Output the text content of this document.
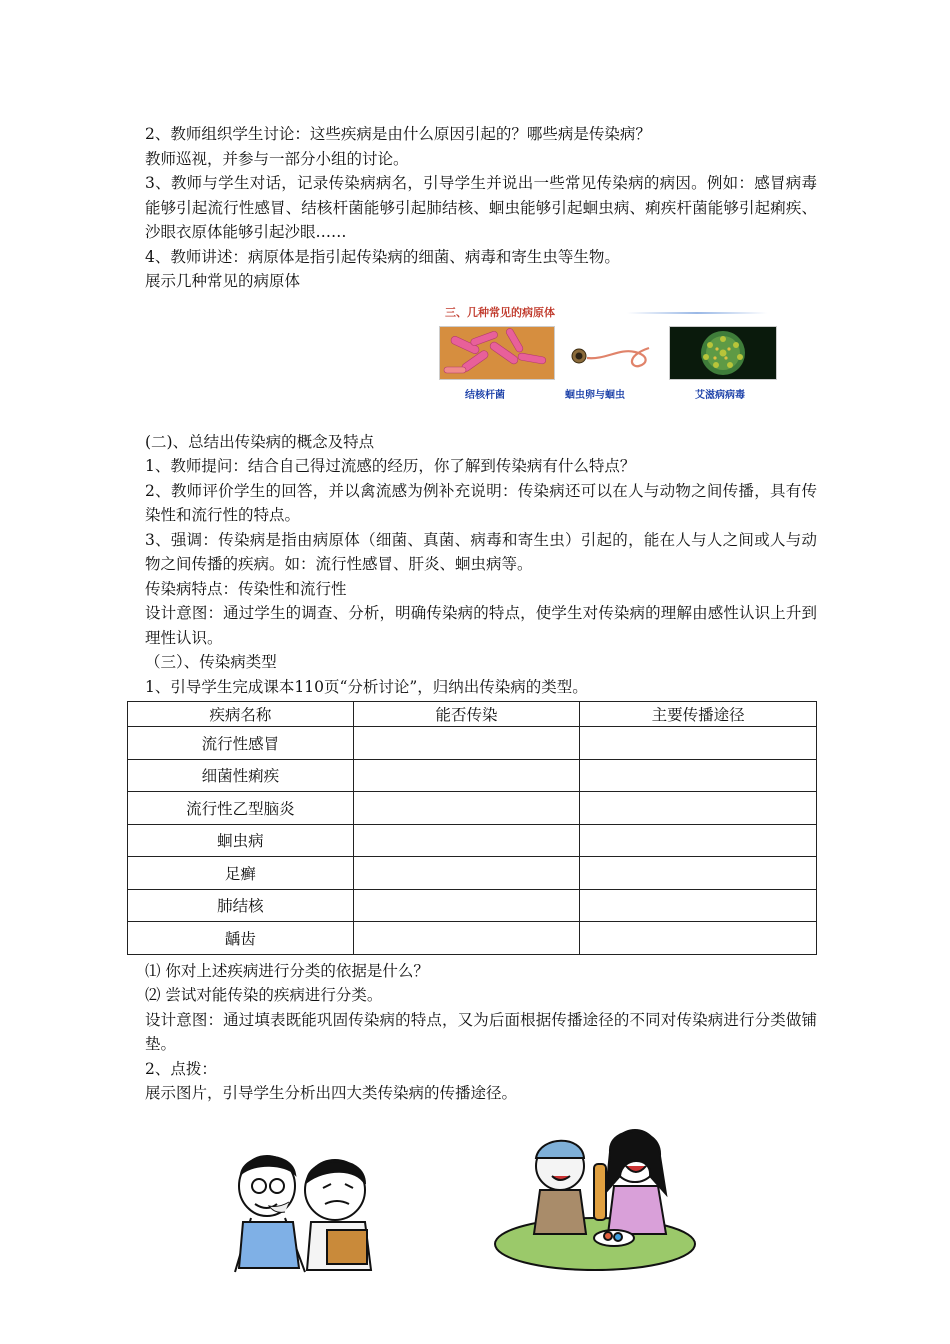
2、教师组织学生讨论：这些疾病是由什么原因引起的？哪些病是传染病？

教师巡视，并参与一部分小组的讨论。

3、教师与学生对话，记录传染病病名，引导学生并说出一些常见传染病的病因。例如：感冒病毒能够引起流行性感冒、结核杆菌能够引起肺结核、蛔虫能够引起蛔虫病、痢疾杆菌能够引起痢疾、沙眼衣原体能够引起沙眼……

4、教师讲述：病原体是指引起传染病的细菌、病毒和寄生虫等生物。

展示几种常见的病原体

三、几种常见的病原体
结核杆菌	蛔虫卵与蛔虫	艾滋病病毒

(二)、总结出传染病的概念及特点

1、教师提问：结合自己得过流感的经历，你了解到传染病有什么特点？

2、教师评价学生的回答，并以禽流感为例补充说明：传染病还可以在人与动物之间传播，具有传染性和流行性的特点。

3、强调：传染病是指由病原体（细菌、真菌、病毒和寄生虫）引起的，能在人与人之间或人与动物之间传播的疾病。如：流行性感冒、肝炎、蛔虫病等。

传染病特点：传染性和流行性

设计意图：通过学生的调查、分析，明确传染病的特点，使学生对传染病的理解由感性认识上升到理性认识。

（三）、传染病类型

1、引导学生完成课本110页“分析讨论”，归纳出传染病的类型。

疾病名称	能否传染	主要传播途径
流行性感冒		
细菌性痢疾		
流行性乙型脑炎		
蛔虫病		
足癣		
肺结核		
龋齿		

⑴ 你对上述疾病进行分类的依据是什么？

⑵ 尝试对能传染的疾病进行分类。

设计意图：通过填表既能巩固传染病的特点，又为后面根据传播途径的不同对传染病进行分类做铺垫。

2、点拨：

展示图片，引导学生分析出四大类传染病的传播途径。
